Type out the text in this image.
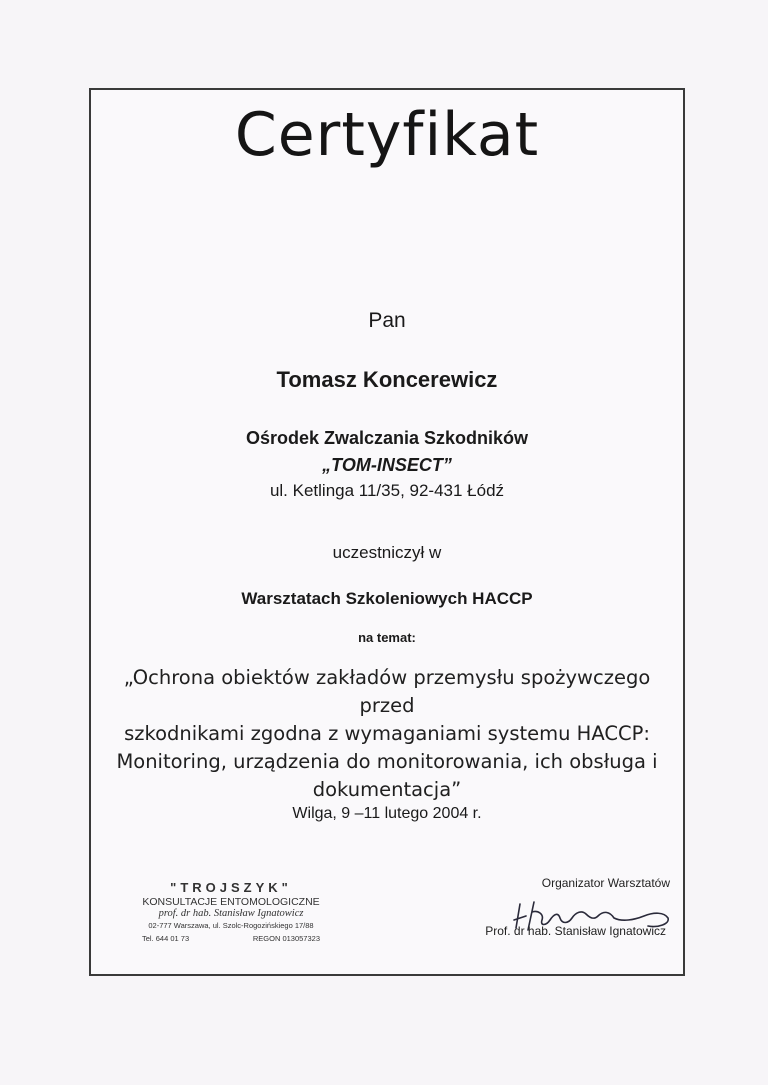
Certyfikat
Pan
Tomasz Koncerewicz
Ośrodek Zwalczania Szkodników
„TOM-INSECT”
ul. Ketlinga 11/35, 92-431 Łódź
uczestniczył w
Warsztatach Szkoleniowych HACCP
na temat:
„Ochrona obiektów zakładów przemysłu spożywczego przed
szkodnikami zgodna z wymaganiami systemu HACCP:
Monitoring, urządzenia do monitorowania, ich obsługa i
dokumentacja”
Wilga, 9 –11 lutego 2004 r.
"TROJSZYK"
KONSULTACJE ENTOMOLOGICZNE
prof. dr hab. Stanisław Ignatowicz
02-777 Warszawa, ul. Szolc-Rogozińskiego 17/88
Tel. 644 01 73	REGON 013057323
Organizator Warsztatów
Prof. dr hab. Stanisław Ignatowicz
